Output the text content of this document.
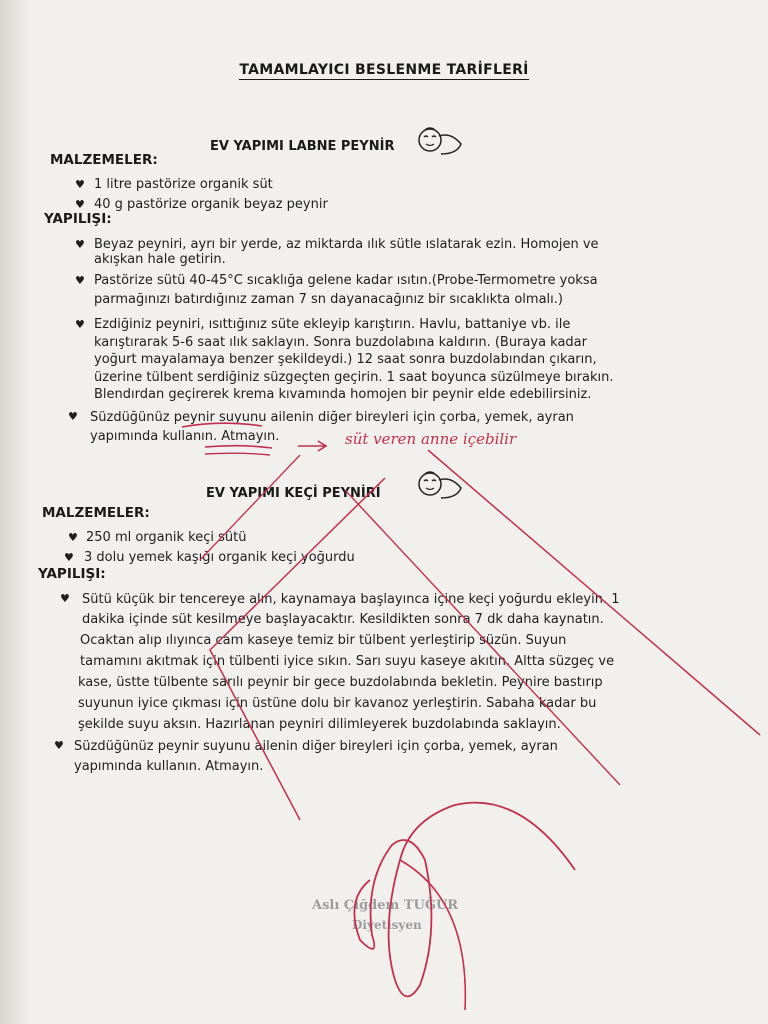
TAMAMLAYICI BESLENME TARİFLERİ
EV YAPIMI LABNE PEYNİR
MALZEMELER:
♥ 1 litre pastörize organik süt
♥ 40 g pastörize organik beyaz peynir
YAPILIŞI:
♥ Beyaz peyniri, ayrı bir yerde, az miktarda ılık sütle ıslatarak ezin. Homojen ve
akışkan hale getirin.
♥ Pastörize sütü 40-45°C sıcaklığa gelene kadar ısıtın.(Probe-Termometre yoksa
parmağınızı batırdığınız zaman 7 sn dayanacağınız bir sıcaklıkta olmalı.)
♥ Ezdiğiniz peyniri, ısıttığınız süte ekleyip karıştırın. Havlu, battaniye vb. ile
karıştırarak 5-6 saat ılık saklayın. Sonra buzdolabına kaldırın. (Buraya kadar
yoğurt mayalamaya benzer şekildeydi.) 12 saat sonra buzdolabından çıkarın,
üzerine tülbent serdiğiniz süzgeçten geçirin. 1 saat boyunca süzülmeye bırakın.
Blendırdan geçirerek krema kıvamında homojen bir peynir elde edebilirsiniz.
♥ Süzdüğünüz peynir suyunu ailenin diğer bireyleri için çorba, yemek, ayran
yapımında kullanın. Atmayın.	süt veren anne içebilir
EV YAPIMI KEÇİ PEYNİRİ
MALZEMELER:
♥ 250 ml organik keçi sütü
♥ 3 dolu yemek kaşığı organik keçi yoğurdu
YAPILIŞI:
♥ Sütü küçük bir tencereye alın, kaynamaya başlayınca içine keçi yoğurdu ekleyin. 1
dakika içinde süt kesilmeye başlayacaktır. Kesildikten sonra 7 dk daha kaynatın.
Ocaktan alıp ılıyınca cam kaseye temiz bir tülbent yerleştirip süzün. Suyun
tamamını akıtmak için tülbenti iyice sıkın. Sarı suyu kaseye akıtın. Altta süzgeç ve
kase, üstte tülbente sarılı peynir bir gece buzdolabında bekletin. Peynire bastırıp
suyunun iyice çıkması için üstüne dolu bir kavanoz yerleştirin. Sabaha kadar bu
şekilde suyu aksın. Hazırlanan peyniri dilimleyerek buzdolabında saklayın.
♥ Süzdüğünüz peynir suyunu ailenin diğer bireyleri için çorba, yemek, ayran
yapımında kullanın. Atmayın.
Aslı Çiğdem TUĞUR
Diyetisyen
